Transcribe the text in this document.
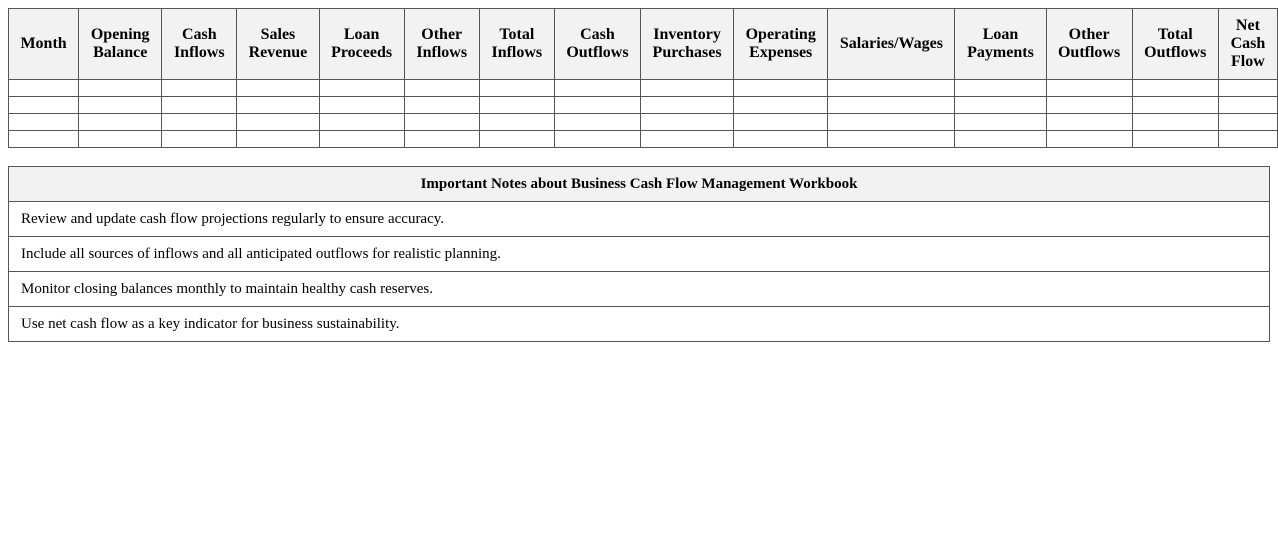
Month	Opening Balance	Cash Inflows	Sales Revenue	Loan Proceeds	Other Inflows	Total Inflows	Cash Outflows	Inventory Purchases	Operating Expenses	Salaries/Wages	Loan Payments	Other Outflows	Total Outflows	Net Cash Flow

Important Notes about Business Cash Flow Management Workbook
Review and update cash flow projections regularly to ensure accuracy.
Include all sources of inflows and all anticipated outflows for realistic planning.
Monitor closing balances monthly to maintain healthy cash reserves.
Use net cash flow as a key indicator for business sustainability.
